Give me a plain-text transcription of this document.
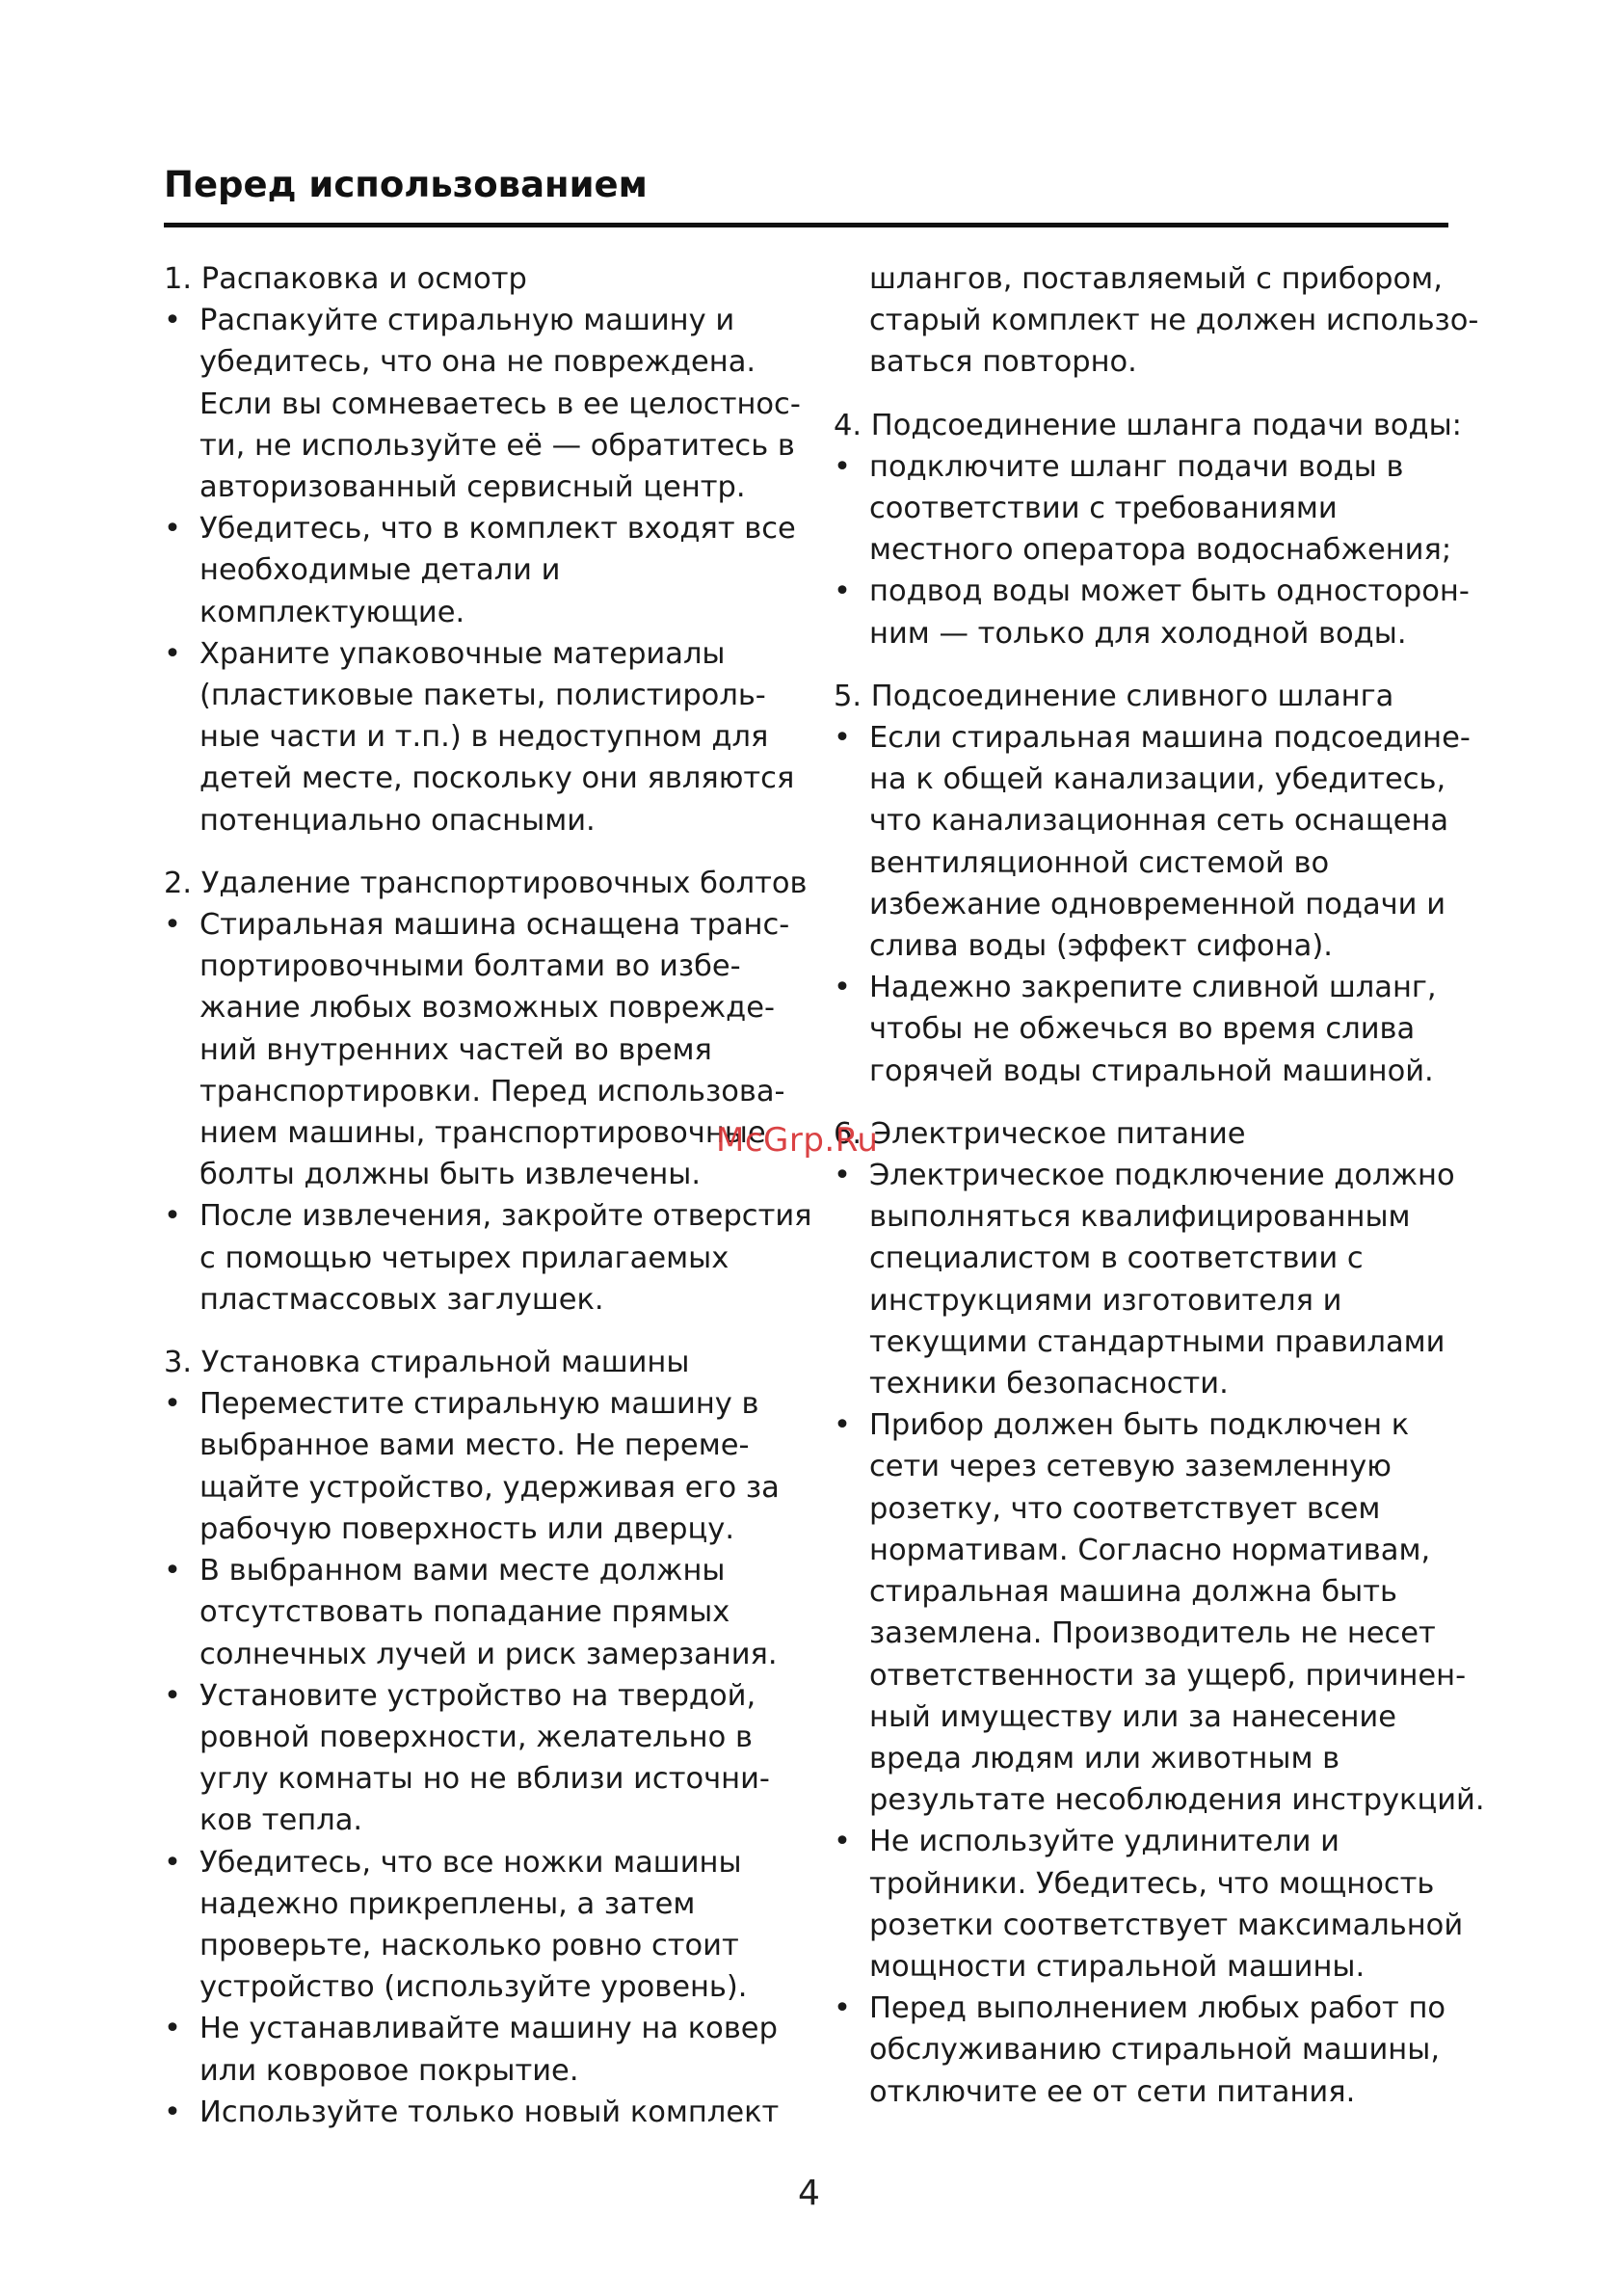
Перед использованием
1. Распаковка и осмотр
• Распакуйте стиральную машину и
убедитесь, что она не повреждена.
Если вы сомневаетесь в ее целостнос-
ти, не используйте её — обратитесь в
авторизованный сервисный центр.
• Убедитесь, что в комплект входят все
необходимые детали и
комплектующие.
• Храните упаковочные материалы
(пластиковые пакеты, полистироль-
ные части и т.п.) в недоступном для
детей месте, поскольку они являются
потенциально опасными.
2. Удаление транспортировочных болтов
• Стиральная машина оснащена транс-
портировочными болтами во избе-
жание любых возможных поврежде-
ний внутренних частей во время
транспортировки. Перед использова-
нием машины, транспортировочные
болты должны быть извлечены.
• После извлечения, закройте отверстия
с помощью четырех прилагаемых
пластмассовых заглушек.
3. Установка стиральной машины
• Переместите стиральную машину в
выбранное вами место. Не переме-
щайте устройство, удерживая его за
рабочую поверхность или дверцу.
• В выбранном вами месте должны
отсутствовать попадание прямых
солнечных лучей и риск замерзания.
• Установите устройство на твердой,
ровной поверхности, желательно в
углу комнаты но не вблизи источни-
ков тепла.
• Убедитесь, что все ножки машины
надежно прикреплены, а затем
проверьте, насколько ровно стоит
устройство (используйте уровень).
• Не устанавливайте машину на ковер
или ковровое покрытие.
• Используйте только новый комплект
шлангов, поставляемый с прибором,
старый комплект не должен использо-
ваться повторно.
4. Подсоединение шланга подачи воды:
• подключите шланг подачи воды в
соответствии с требованиями
местного оператора водоснабжения;
• подвод воды может быть односторон-
ним — только для холодной воды.
5. Подсоединение сливного шланга
• Если стиральная машина подсоедине-
на к общей канализации, убедитесь,
что канализационная сеть оснащена
вентиляционной системой во
избежание одновременной подачи и
слива воды (эффект сифона).
• Надежно закрепите сливной шланг,
чтобы не обжечься во время слива
горячей воды стиральной машиной.
6. Электрическое питание
• Электрическое подключение должно
выполняться квалифицированным
специалистом в соответствии с
инструкциями изготовителя и
текущими стандартными правилами
техники безопасности.
• Прибор должен быть подключен к
сети через сетевую заземленную
розетку, что соответствует всем
нормативам. Согласно нормативам,
стиральная машина должна быть
заземлена. Производитель не несет
ответственности за ущерб, причинен-
ный имуществу или за нанесение
вреда людям или животным в
результате несоблюдения инструкций.
• Не используйте удлинители и
тройники. Убедитесь, что мощность
розетки соответствует максимальной
мощности стиральной машины.
• Перед выполнением любых работ по
обслуживанию стиральной машины,
отключите ее от сети питания.
McGrp.Ru
4
